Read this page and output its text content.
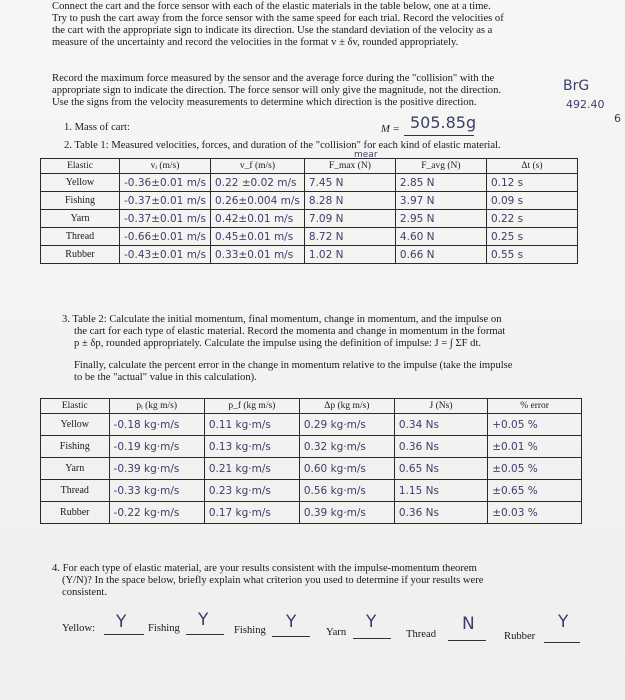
Connect the cart and the force sensor with each of the elastic materials in the table below, one at a time.
Try to push the cart away from the force sensor with the same speed for each trial. Record the velocities of
the cart with the appropriate sign to indicate its direction. Use the standard deviation of the velocity as a
measure of the uncertainty and record the velocities in the format v ± δv, rounded appropriately.
Record the maximum force measured by the sensor and the average force during the "collision" with the
appropriate sign to indicate the direction. The force sensor will only give the magnitude, not the direction.
Use the signs from the velocity measurements to determine which direction is the positive direction.
BrG
492.40
6
1. Mass of cart:	M = 505.85g
2. Table 1: Measured velocities, forces, and duration of the "collision" for each kind of elastic material.
mear
Elastic	vᵢ (m/s)	v_f (m/s)	F_max (N)	F_avg (N)	Δt (s)
Yellow	-0.36±0.01 m/s	0.22 ±0.02 m/s	7.45 N	2.85 N	0.12 s
Fishing	-0.37±0.01 m/s	0.26±0.004 m/s	8.28 N	3.97 N	0.09 s
Yarn	-0.37±0.01 m/s	0.42±0.01 m/s	7.09 N	2.95 N	0.22 s
Thread	-0.66±0.01 m/s	0.45±0.01 m/s	8.72 N	4.60 N	0.25 s
Rubber	-0.43±0.01 m/s	0.33±0.01 m/s	1.02 N	0.66 N	0.55 s
3. Table 2: Calculate the initial momentum, final momentum, change in momentum, and the impulse on
the cart for each type of elastic material. Record the momenta and change in momentum in the format
p ± δp, rounded appropriately. Calculate the impulse using the definition of impulse: J = ∫ ΣF dt.
Finally, calculate the percent error in the change in momentum relative to the impulse (take the impulse
to be the "actual" value in this calculation).
Elastic	pᵢ (kg m/s)	p_f (kg m/s)	Δp (kg m/s)	J (Ns)	% error
Yellow	-0.18 kg·m/s	0.11 kg·m/s	0.29 kg·m/s	0.34 Ns	+0.05 %
Fishing	-0.19 kg·m/s	0.13 kg·m/s	0.32 kg·m/s	0.36 Ns	±0.01 %
Yarn	-0.39 kg·m/s	0.21 kg·m/s	0.60 kg·m/s	0.65 Ns	±0.05 %
Thread	-0.33 kg·m/s	0.23 kg·m/s	0.56 kg·m/s	1.15 Ns	±0.65 %
Rubber	-0.22 kg·m/s	0.17 kg·m/s	0.39 kg·m/s	0.36 Ns	±0.03 %
4. For each type of elastic material, are your results consistent with the impulse-momentum theorem
(Y/N)? In the space below, briefly explain what criterion you used to determine if your results were
consistent.
Yellow: Y Fishing Y
Fishing Y
Yarn
Y
Thread
N
Rubber
Y
